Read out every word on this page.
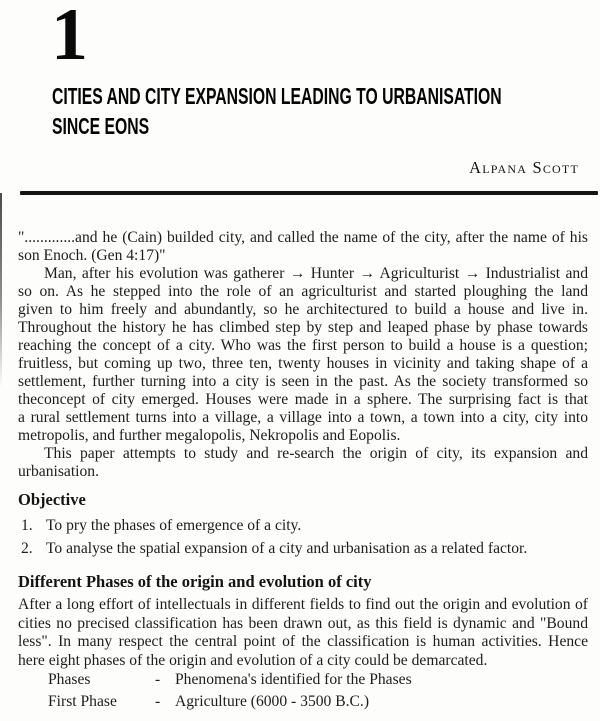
1
CITIES AND CITY EXPANSION LEADING TO URBANISATION
SINCE EONS
Alpana Scott
".............and he (Cain) builded city, and called the name of the city, after the name of his
son Enoch. (Gen 4:17)"
Man, after his evolution was gatherer → Hunter → Agriculturist → Industrialist and
so on. As he stepped into the role of an agriculturist and started ploughing the land
given to him freely and abundantly, so he architectured to build a house and live in.
Throughout the history he has climbed step by step and leaped phase by phase towards
reaching the concept of a city. Who was the first person to build a house is a question;
fruitless, but coming up two, three ten, twenty houses in vicinity and taking shape of a
settlement, further turning into a city is seen in the past. As the society transformed so
theconcept of city emerged. Houses were made in a sphere. The surprising fact is that
a rural settlement turns into a village, a village into a town, a town into a city, city into
metropolis, and further megalopolis, Nekropolis and Eopolis.
This paper attempts to study and re-search the origin of city, its expansion and
urbanisation.
Objective
1. To pry the phases of emergence of a city.
2. To analyse the spatial expansion of a city and urbanisation as a related factor.
Different Phases of the origin and evolution of city
After a long effort of intellectuals in different fields to find out the origin and evolution of
cities no precised classification has been drawn out, as this field is dynamic and "Bound
less". In many respect the central point of the classification is human activities. Hence
here eight phases of the origin and evolution of a city could be demarcated.
Phases	- Phenomena's identified for the Phases
First Phase	- Agriculture (6000 - 3500 B.C.)
